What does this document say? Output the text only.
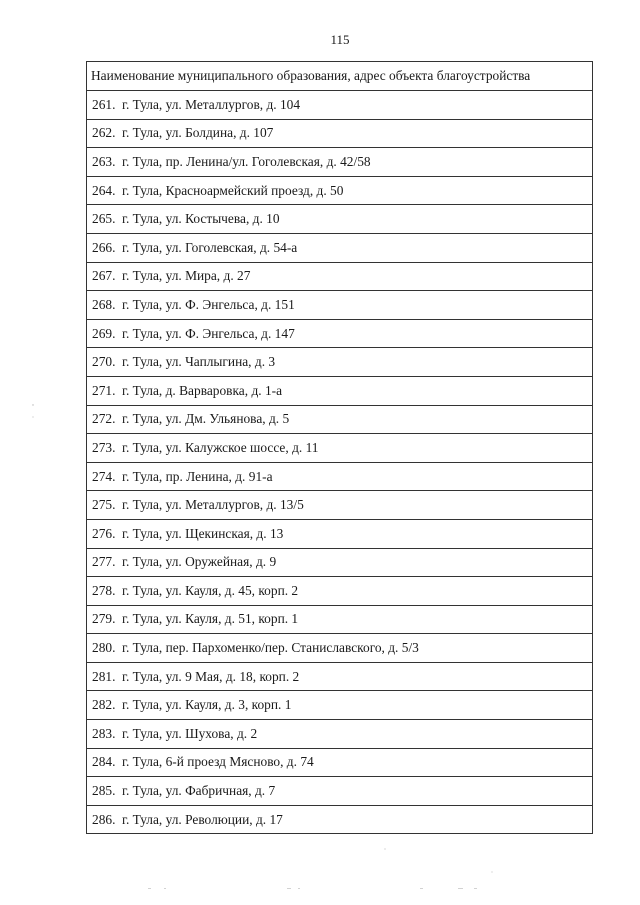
115
Наименование муниципального образования, адрес объекта благоустройства
261. г. Тула, ул. Металлургов, д. 104
262. г. Тула, ул. Болдина, д. 107
263. г. Тула, пр. Ленина/ул. Гоголевская, д. 42/58
264. г. Тула, Красноармейский проезд, д. 50
265. г. Тула, ул. Костычева, д. 10
266. г. Тула, ул. Гоголевская, д. 54-а
267. г. Тула, ул. Мира, д. 27
268. г. Тула, ул. Ф. Энгельса, д. 151
269. г. Тула, ул. Ф. Энгельса, д. 147
270. г. Тула, ул. Чаплыгина, д. 3
271. г. Тула, д. Варваровка, д. 1-а
272. г. Тула, ул. Дм. Ульянова, д. 5
273. г. Тула, ул. Калужское шоссе, д. 11
274. г. Тула, пр. Ленина, д. 91-а
275. г. Тула, ул. Металлургов, д. 13/5
276. г. Тула, ул. Щекинская, д. 13
277. г. Тула, ул. Оружейная, д. 9
278. г. Тула, ул. Кауля, д. 45, корп. 2
279. г. Тула, ул. Кауля, д. 51, корп. 1
280. г. Тула, пер. Пархоменко/пер. Станиславского, д. 5/3
281. г. Тула, ул. 9 Мая, д. 18, корп. 2
282. г. Тула, ул. Кауля, д. 3, корп. 1
283. г. Тула, ул. Шухова, д. 2
284. г. Тула, 6-й проезд Мясново, д. 74
285. г. Тула, ул. Фабричная, д. 7
286. г. Тула, ул. Революции, д. 17
